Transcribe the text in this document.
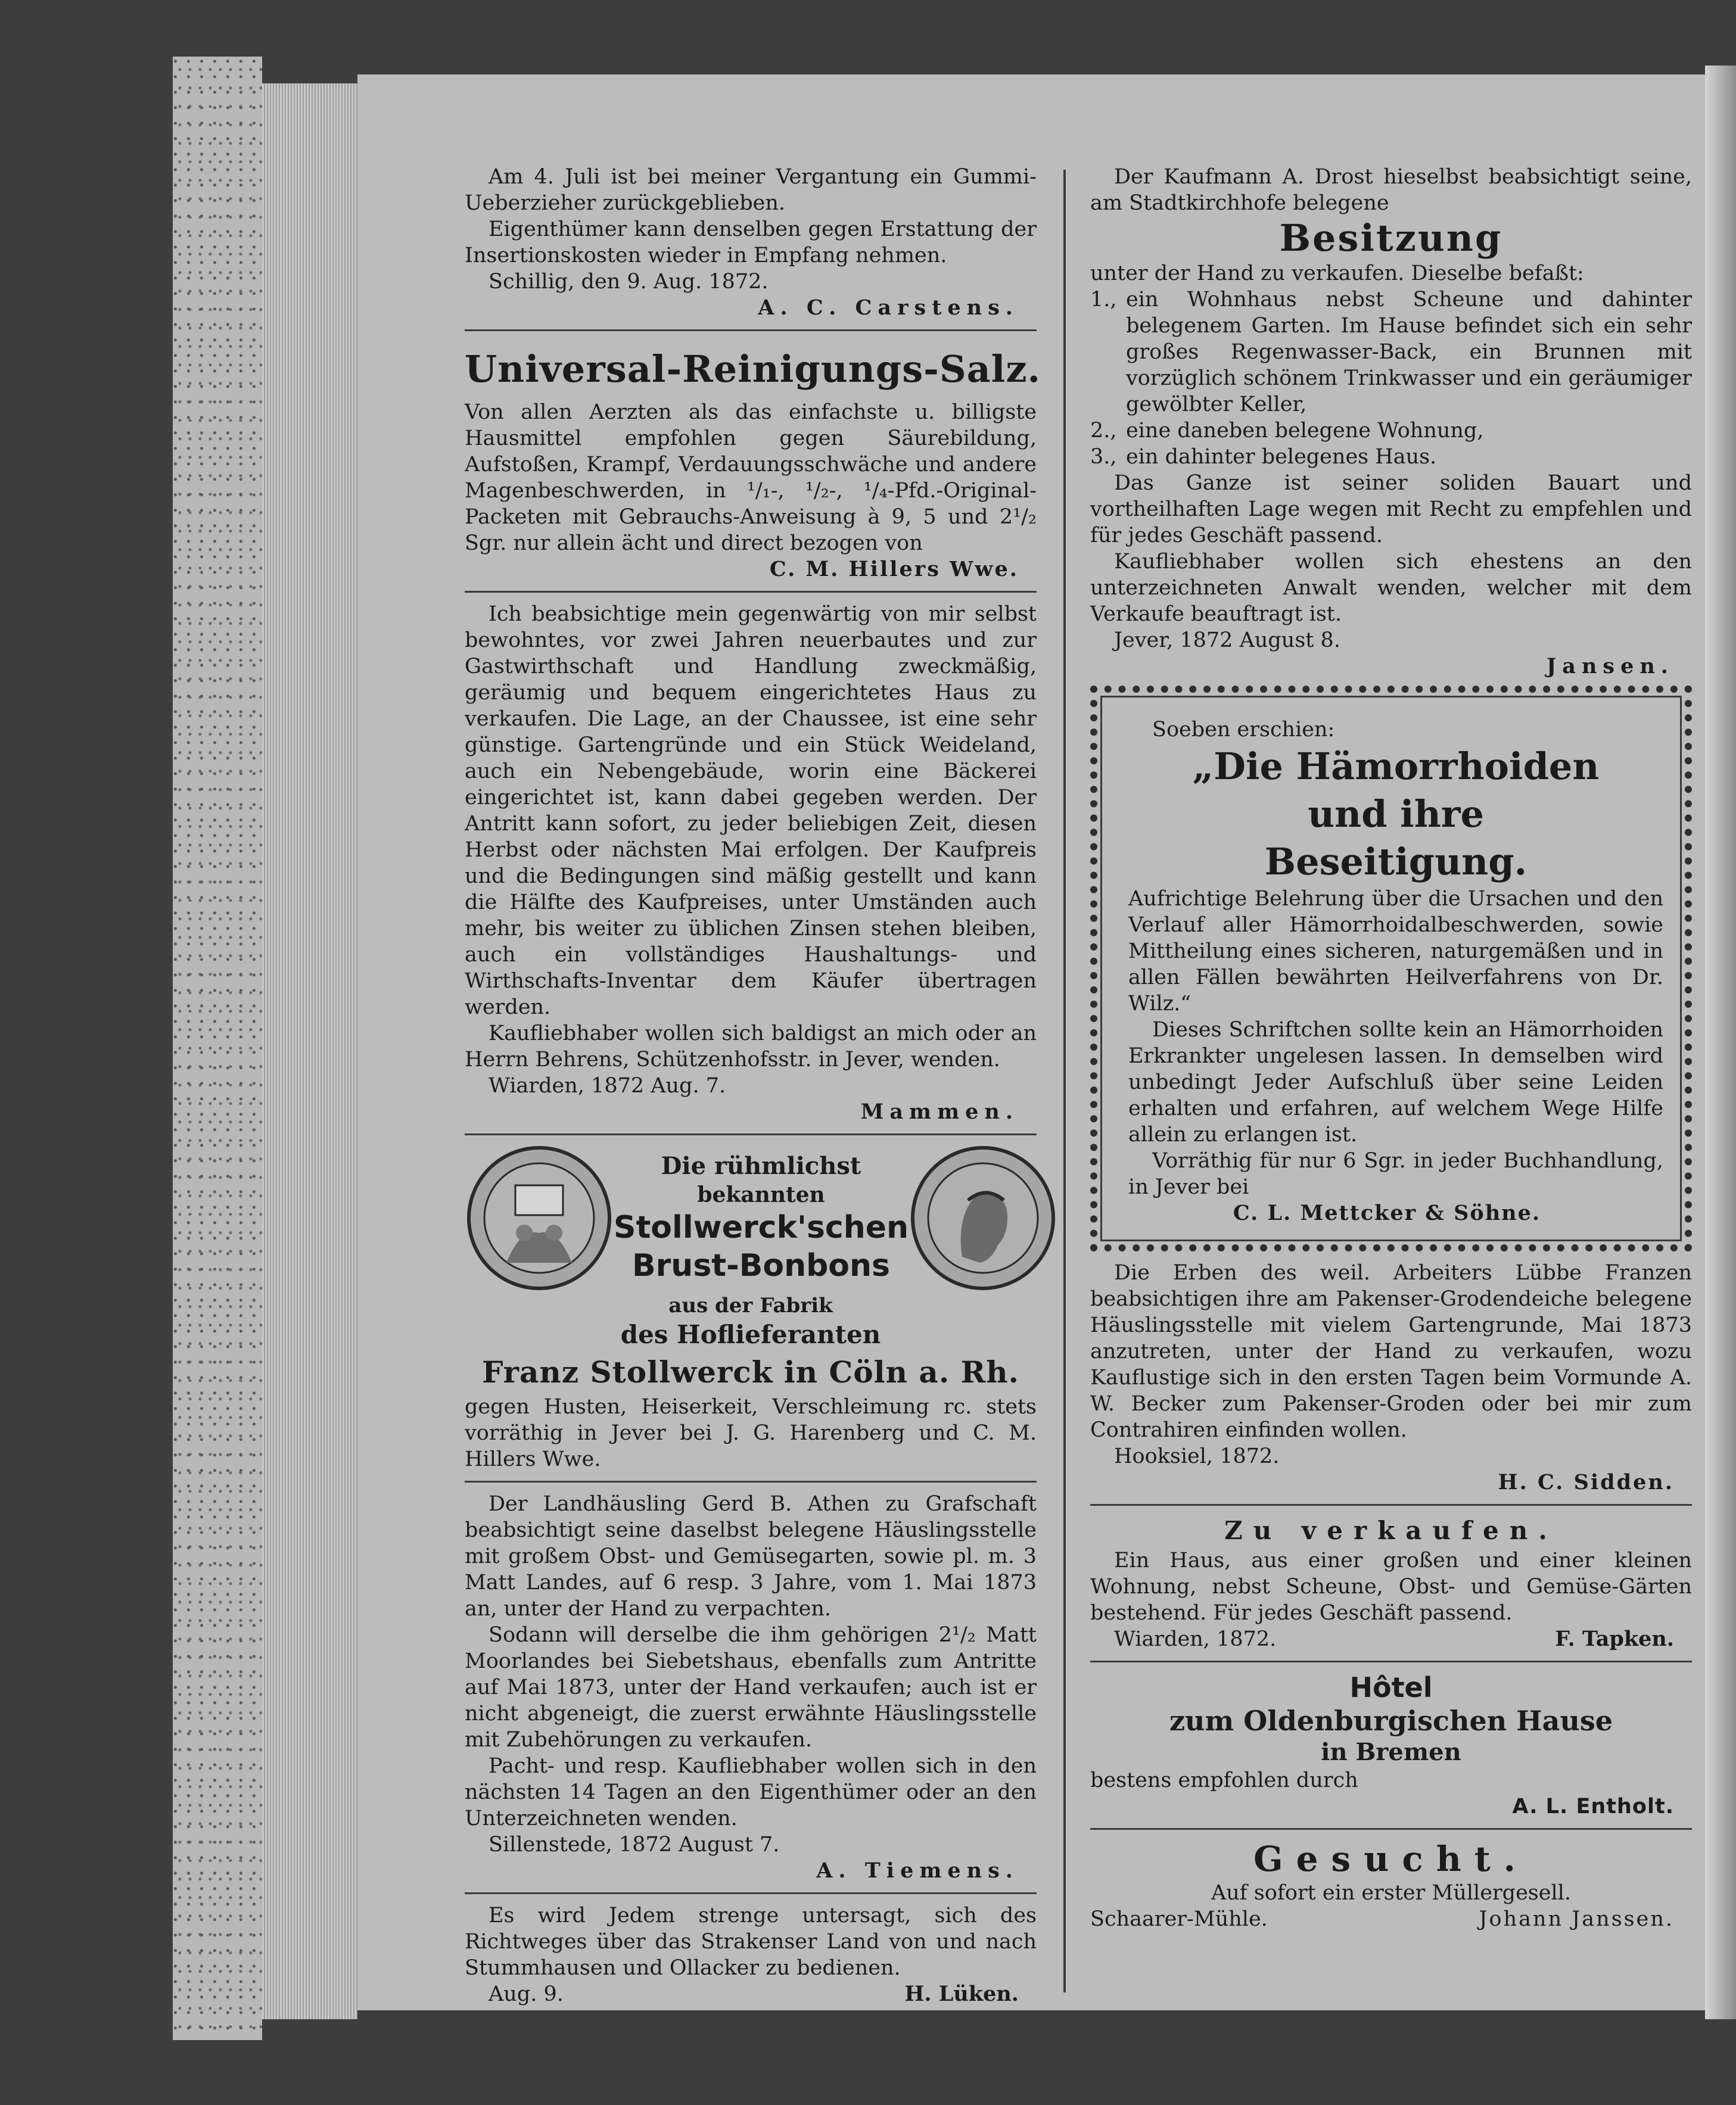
Am 4. Juli ist bei meiner Vergantung ein Gummi-Ueberzieher zurückgeblieben.

Eigenthümer kann denselben gegen Erstattung der Insertionskosten wieder in Empfang nehmen.

Schillig, den 9. Aug. 1872.

A. C. Carstens.

Universal-Reinigungs-Salz.

Von allen Aerzten als das einfachste u. billigste Hausmittel empfohlen gegen Säurebildung, Aufstoßen, Krampf, Verdauungsschwäche und andere Magenbeschwerden, in ¹/₁-, ¹/₂-, ¹/₄-Pfd.-Original-Packeten mit Gebrauchs-Anweisung à 9, 5 und 2¹/₂ Sgr. nur allein ächt und direct bezogen von

C. M. Hillers Wwe.

Ich beabsichtige mein gegenwärtig von mir selbst bewohntes, vor zwei Jahren neuerbautes und zur Gastwirthschaft und Handlung zweckmäßig, geräumig und bequem eingerichtetes Haus zu verkaufen. Die Lage, an der Chaussee, ist eine sehr günstige. Gartengründe und ein Stück Weideland, auch ein Nebengebäude, worin eine Bäckerei eingerichtet ist, kann dabei gegeben werden. Der Antritt kann sofort, zu jeder beliebigen Zeit, diesen Herbst oder nächsten Mai erfolgen. Der Kaufpreis und die Bedingungen sind mäßig gestellt und kann die Hälfte des Kaufpreises, unter Umständen auch mehr, bis weiter zu üblichen Zinsen stehen bleiben, auch ein vollständiges Haushaltungs- und Wirthschafts-Inventar dem Käufer übertragen werden.

Kaufliebhaber wollen sich baldigst an mich oder an Herrn Behrens, Schützenhofsstr. in Jever, wenden.

Wiarden, 1872 Aug. 7.

Mammen.

Die rühmlichst
bekannten
Stollwerck'schen
Brust-Bonbons
aus der Fabrik
des Hoflieferanten
Franz Stollwerck in Cöln a. Rh.

gegen Husten, Heiserkeit, Verschleimung rc. stets vorräthig in Jever bei J. G. Harenberg und C. M. Hillers Wwe.

Der Landhäusling Gerd B. Athen zu Grafschaft beabsichtigt seine daselbst belegene Häuslingsstelle mit großem Obst- und Gemüsegarten, sowie pl. m. 3 Matt Landes, auf 6 resp. 3 Jahre, vom 1. Mai 1873 an, unter der Hand zu verpachten.

Sodann will derselbe die ihm gehörigen 2¹/₂ Matt Moorlandes bei Siebetshaus, ebenfalls zum Antritte auf Mai 1873, unter der Hand verkaufen; auch ist er nicht abgeneigt, die zuerst erwähnte Häuslingsstelle mit Zubehörungen zu verkaufen.

Pacht- und resp. Kaufliebhaber wollen sich in den nächsten 14 Tagen an den Eigenthümer oder an den Unterzeichneten wenden.

Sillenstede, 1872 August 7.

A. Tiemens.

Es wird Jedem strenge untersagt, sich des Richtweges über das Strakenser Land von und nach Stummhausen und Ollacker zu bedienen.

Aug. 9.	H. Lüken.

Der Kaufmann A. Drost hieselbst beabsichtigt seine, am Stadtkirchhofe belegene

Besitzung

unter der Hand zu verkaufen. Dieselbe befaßt:

1., ein Wohnhaus nebst Scheune und dahinter belegenem Garten. Im Hause befindet sich ein sehr großes Regenwasser-Back, ein Brunnen mit vorzüglich schönem Trinkwasser und ein geräumiger gewölbter Keller,
2., eine daneben belegene Wohnung,
3., ein dahinter belegenes Haus.

Das Ganze ist seiner soliden Bauart und vortheilhaften Lage wegen mit Recht zu empfehlen und für jedes Geschäft passend.

Kaufliebhaber wollen sich ehestens an den unterzeichneten Anwalt wenden, welcher mit dem Verkaufe beauftragt ist.

Jever, 1872 August 8.

Jansen.

Soeben erschien:

„Die Hämorrhoiden
und ihre
Beseitigung.

Aufrichtige Belehrung über die Ursachen und den Verlauf aller Hämorrhoidalbeschwerden, sowie Mittheilung eines sicheren, naturgemäßen und in allen Fällen bewährten Heilverfahrens von Dr. Wilz.“

Dieses Schriftchen sollte kein an Hämorrhoiden Erkrankter ungelesen lassen. In demselben wird unbedingt Jeder Aufschluß über seine Leiden erhalten und erfahren, auf welchem Wege Hilfe allein zu erlangen ist.

Vorräthig für nur 6 Sgr. in jeder Buchhandlung, in Jever bei

C. L. Mettcker & Söhne.

Die Erben des weil. Arbeiters Lübbe Franzen beabsichtigen ihre am Pakenser-Grodendeiche belegene Häuslingsstelle mit vielem Gartengrunde, Mai 1873 anzutreten, unter der Hand zu verkaufen, wozu Kauflustige sich in den ersten Tagen beim Vormunde A. W. Becker zum Pakenser-Groden oder bei mir zum Contrahiren einfinden wollen.

Hooksiel, 1872.

H. C. Sidden.

Zu verkaufen.

Ein Haus, aus einer großen und einer kleinen Wohnung, nebst Scheune, Obst- und Gemüse-Gärten bestehend. Für jedes Geschäft passend.

Wiarden, 1872.	F. Tapken.
Hôtel
zum Oldenburgischen Hause
in Bremen

bestens empfohlen durch

A. L. Entholt.

Gesucht.

Auf sofort ein erster Müllergesell.

Schaarer-Mühle.	Johann Janssen.
